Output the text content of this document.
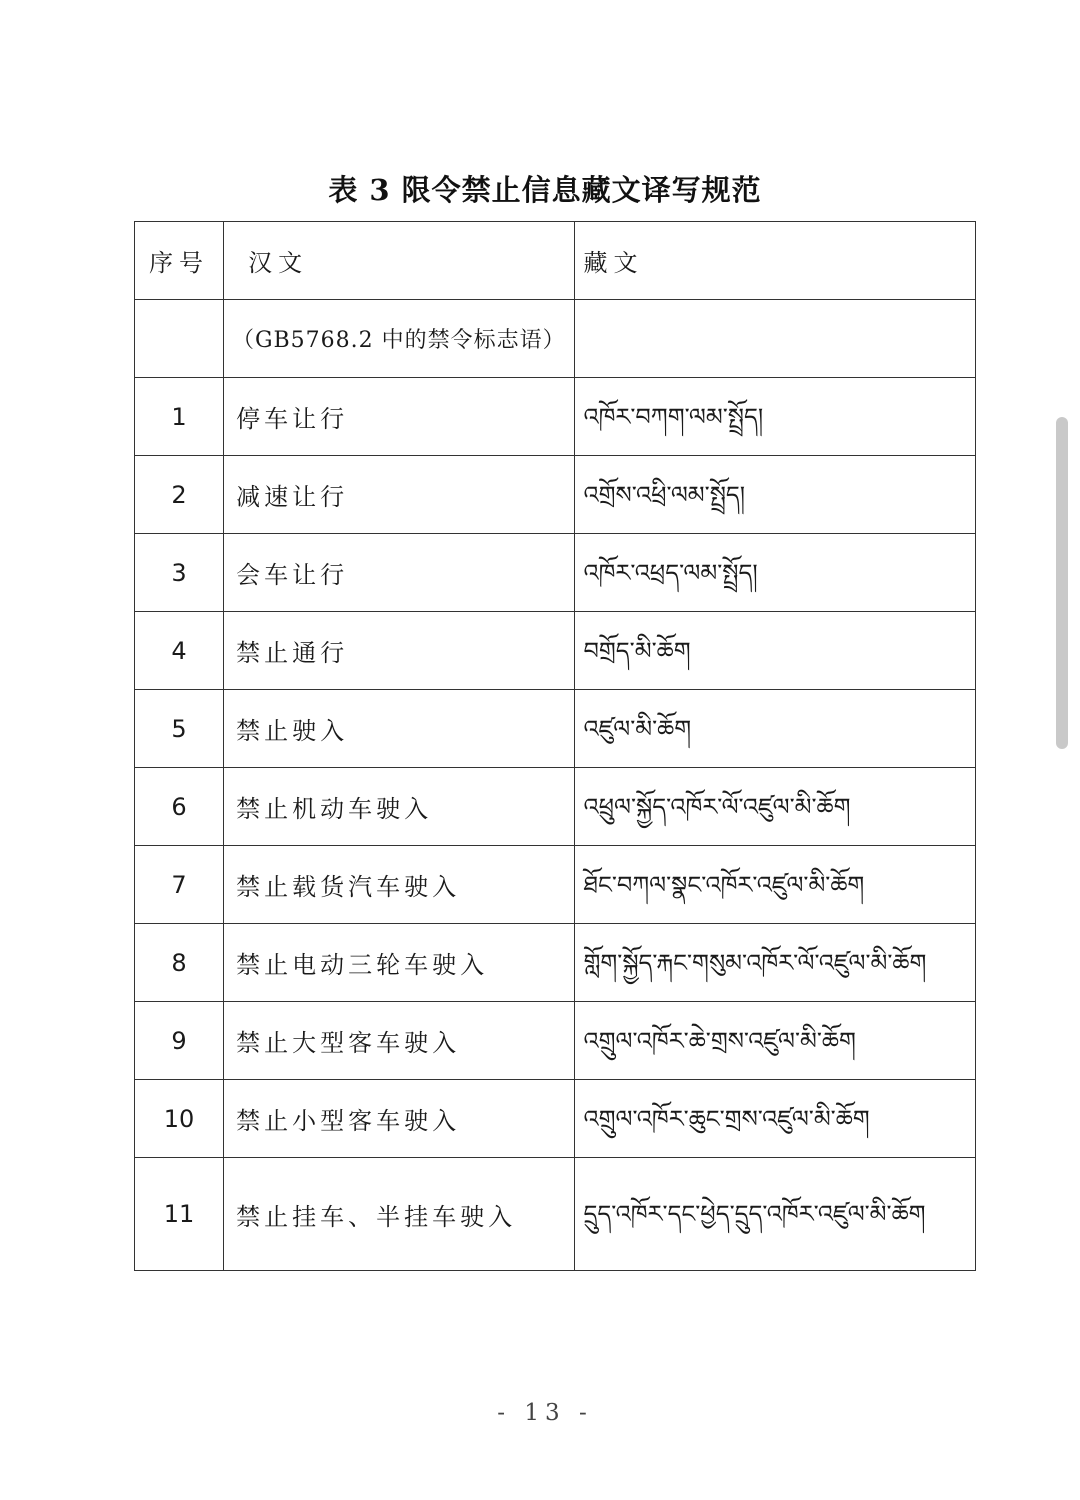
表 3 限令禁止信息藏文译写规范
序号	汉文	藏文
	（GB5768.2 中的禁令标志语）	
1	停车让行	འཁོར་བཀག་ལམ་སྤྲོད།
2	减速让行	འགྲོས་འཕྲི་ལམ་སྤྲོད།
3	会车让行	འཁོར་འཕྲད་ལམ་སྤྲོད།
4	禁止通行	བགྲོད་མི་ཆོག
5	禁止驶入	འཛུལ་མི་ཆོག
6	禁止机动车驶入	འཕྲུལ་སྐྱོད་འཁོར་ལོ་འཛུལ་མི་ཆོག
7	禁止载货汽车驶入	ཐོང་བཀལ་སྣང་འཁོར་འཛུལ་མི་ཆོག
8	禁止电动三轮车驶入	གློག་སྐྱོད་རྐང་གསུམ་འཁོར་ལོ་འཛུལ་མི་ཆོག
9	禁止大型客车驶入	འགྲུལ་འཁོར་ཆེ་གྲས་འཛུལ་མི་ཆོག
10	禁止小型客车驶入	འགྲུལ་འཁོར་ཆུང་གྲས་འཛུལ་མི་ཆོག
11	禁止挂车、半挂车驶入	དྲུད་འཁོར་དང་ཕྱེད་དྲུད་འཁོར་འཛུལ་མི་ཆོག
- 13 -
